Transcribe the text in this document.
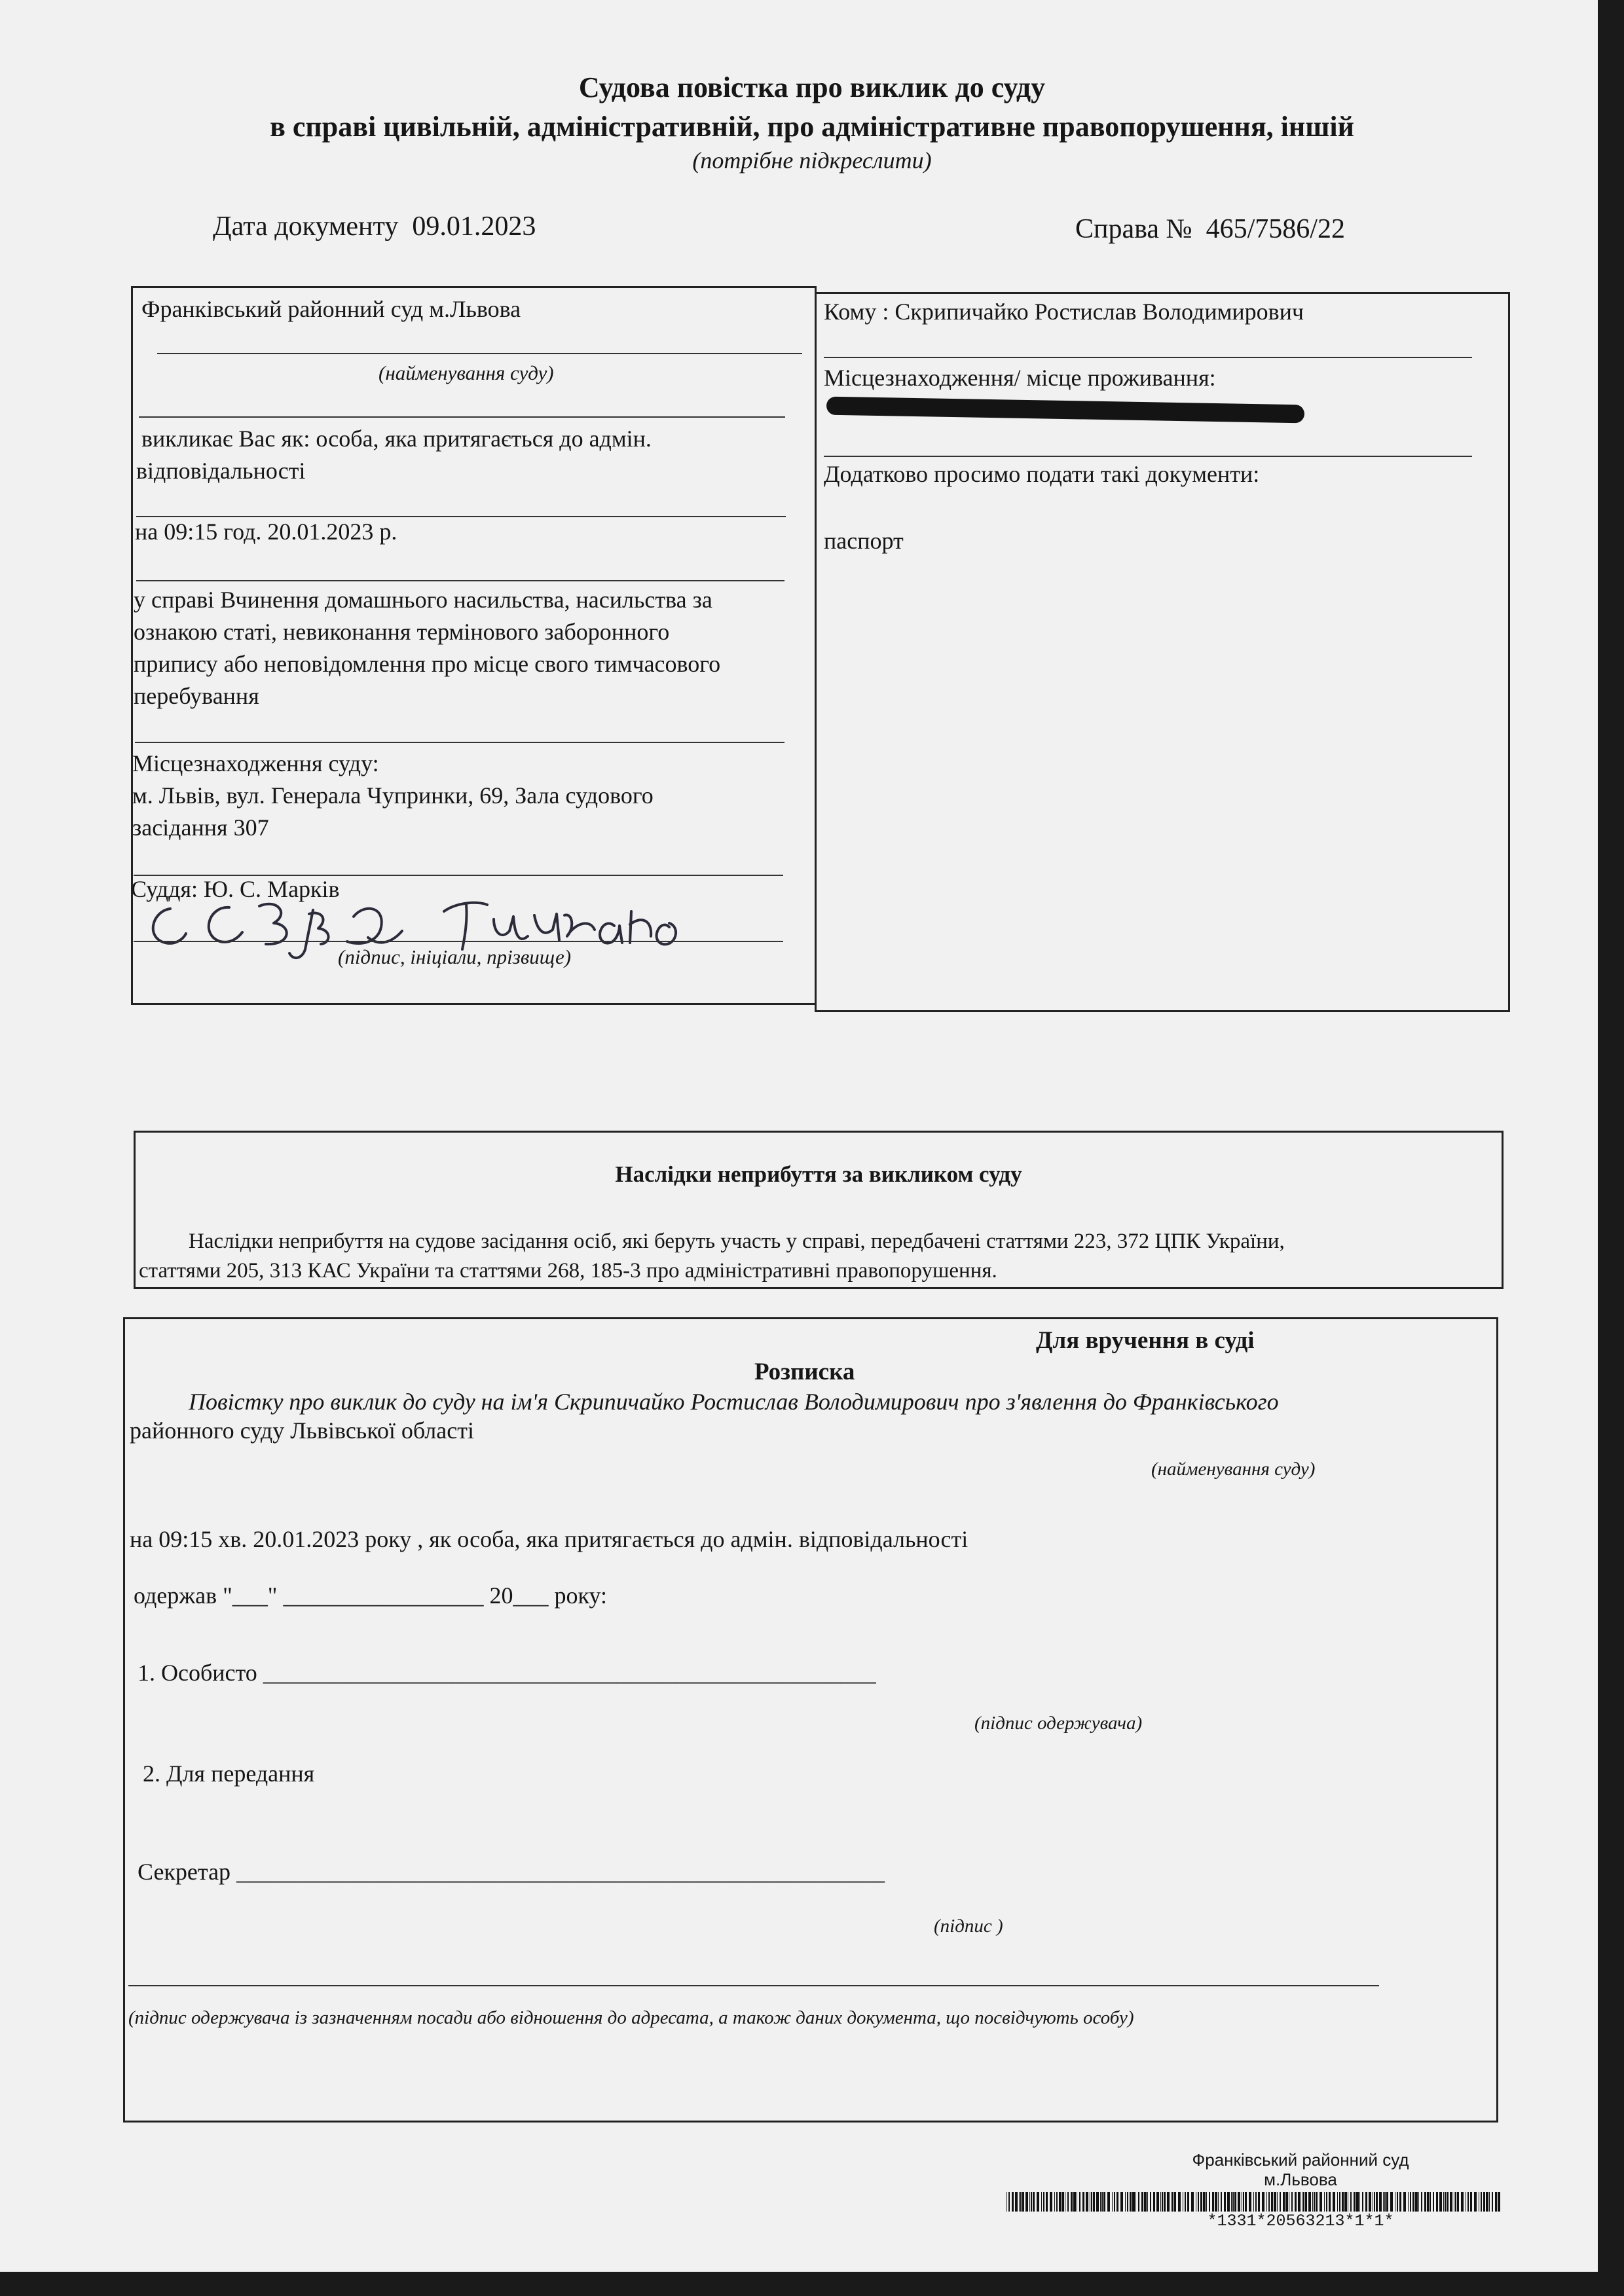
Судова повістка про виклик до суду
в справі цивільній, адміністративній, про адміністративне правопорушення, іншій
(потрібне підкреслити)
Дата документу 09.01.2023	Справа № 465/7586/22
Франківський районний суд м.Львова
(найменування суду)
викликає Вас як: особа, яка притягається до адмін.
відповідальності
на 09:15 год. 20.01.2023 р.
у справі Вчинення домашнього насильства, насильства за
ознакою статі, невиконання термінового заборонного
припису або неповідомлення про місце свого тимчасового
перебування
Місцезнаходження суду:
м. Львів, вул. Генерала Чупринки, 69, Зала судового
засідання 307
Суддя: Ю. С. Марків
(підпис, ініціали, прізвище)
Кому : Скрипичайко Ростислав Володимирович
Місцезнаходження/ місце проживання:
Додатково просимо подати такі документи:
паспорт
Наслідки неприбуття за викликом суду
Наслідки неприбуття на судове засідання осіб, які беруть участь у справі, передбачені статтями 223, 372 ЦПК України,
статтями 205, 313 КАС України та статтями 268, 185-3 про адміністративні правопорушення.
Для вручення в суді
Розписка
Повістку про виклик до суду на ім'я Скрипичайко Ростислав Володимирович про з'явлення до Франківського
районного суду Львівської області
(найменування суду)
на 09:15 хв. 20.01.2023 року , як особа, яка притягається до адмін. відповідальності
одержав "___" _________________ 20___ року:
1. Особисто ____________________________________________________
(підпис одержувача)
2. Для передання
Секретар _______________________________________________________
(підпис )
(підпис одержувача із зазначенням посади або відношення до адресата, а також даних документа, що посвідчують особу)
Франківський районний суд
м.Львова
*1331*20563213*1*1*
